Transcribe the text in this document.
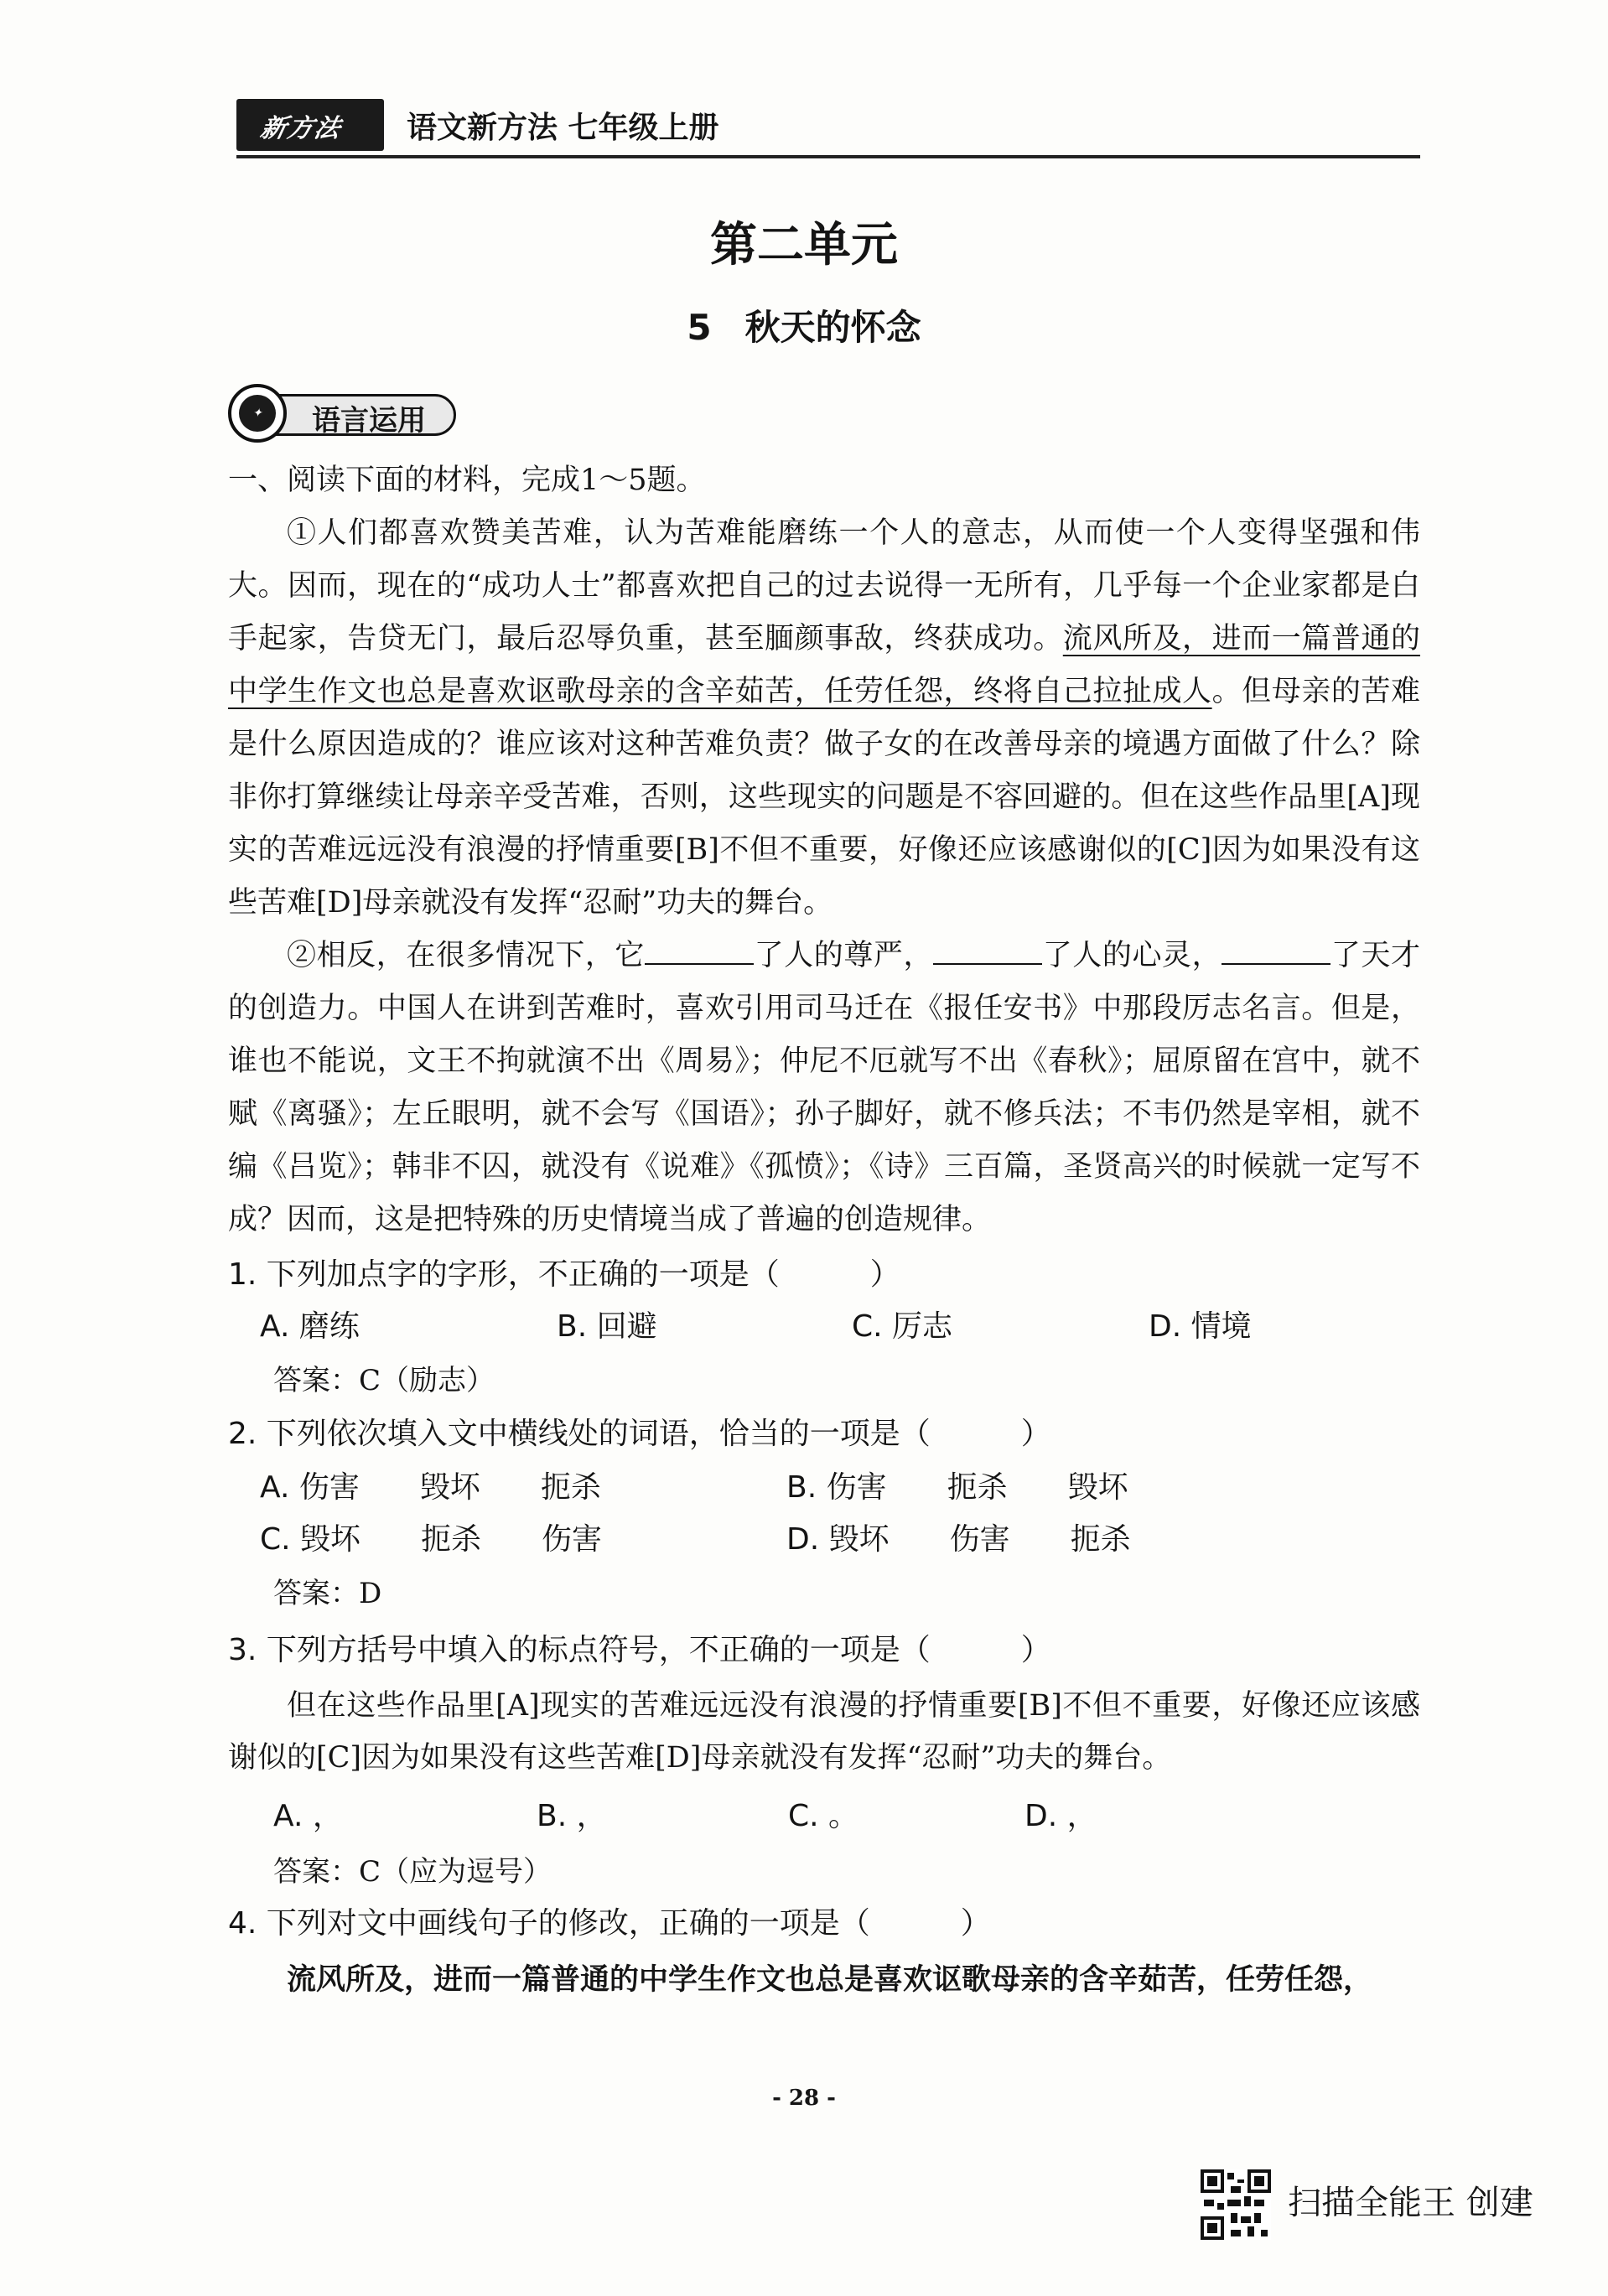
新方法 语文新方法 七年级上册
第二单元
5 秋天的怀念
✦	语言运用
一、阅读下面的材料，完成1～5题。
①人们都喜欢赞美苦难，认为苦难能磨练一个人的意志，从而使一个人变得坚强和伟大。因而，现在的“成功人士”都喜欢把自己的过去说得一无所有，几乎每一个企业家都是白手起家，告贷无门，最后忍辱负重，甚至腼颜事敌，终获成功。流风所及，进而一篇普通的中学生作文也总是喜欢讴歌母亲的含辛茹苦，任劳任怨，终将自己拉扯成人。但母亲的苦难是什么原因造成的？谁应该对这种苦难负责？做子女的在改善母亲的境遇方面做了什么？除非你打算继续让母亲辛受苦难，否则，这些现实的问题是不容回避的。但在这些作品里[A]现实的苦难远远没有浪漫的抒情重要[B]不但不重要，好像还应该感谢似的[C]因为如果没有这些苦难[D]母亲就没有发挥“忍耐”功夫的舞台。
②相反，在很多情况下，它	了人的尊严，	了人的心灵，	了天才的创造力。中国人在讲到苦难时，喜欢引用司马迁在《报任安书》中那段厉志名言。但是，谁也不能说，文王不拘就演不出《周易》；仲尼不厄就写不出《春秋》；屈原留在宫中，就不赋《离骚》；左丘眼明，就不会写《国语》；孙子脚好，就不修兵法；不韦仍然是宰相，就不编《吕览》；韩非不囚，就没有《说难》《孤愤》；《诗》三百篇，圣贤高兴的时候就一定写不成？因而，这是把特殊的历史情境当成了普遍的创造规律。
1. 下列加点字的字形，不正确的一项是（　　　）
A. 磨练	B. 回避	C. 厉志	D. 情境
答案：C（励志）
2. 下列依次填入文中横线处的词语，恰当的一项是（　　　）
A. 伤害　　毁坏　　扼杀	B. 伤害　　扼杀　　毁坏
C. 毁坏　　扼杀　　伤害	D. 毁坏　　伤害　　扼杀
答案：D
3. 下列方括号中填入的标点符号，不正确的一项是（　　　）
但在这些作品里[A]现实的苦难远远没有浪漫的抒情重要[B]不但不重要，好像还应该感谢似的[C]因为如果没有这些苦难[D]母亲就没有发挥“忍耐”功夫的舞台。
A. ，	B. ，	C. 。	D. ，
答案：C（应为逗号）
4. 下列对文中画线句子的修改，正确的一项是（　　　）
流风所及，进而一篇普通的中学生作文也总是喜欢讴歌母亲的含辛茹苦，任劳任怨，
- 28 -
扫描全能王 创建
